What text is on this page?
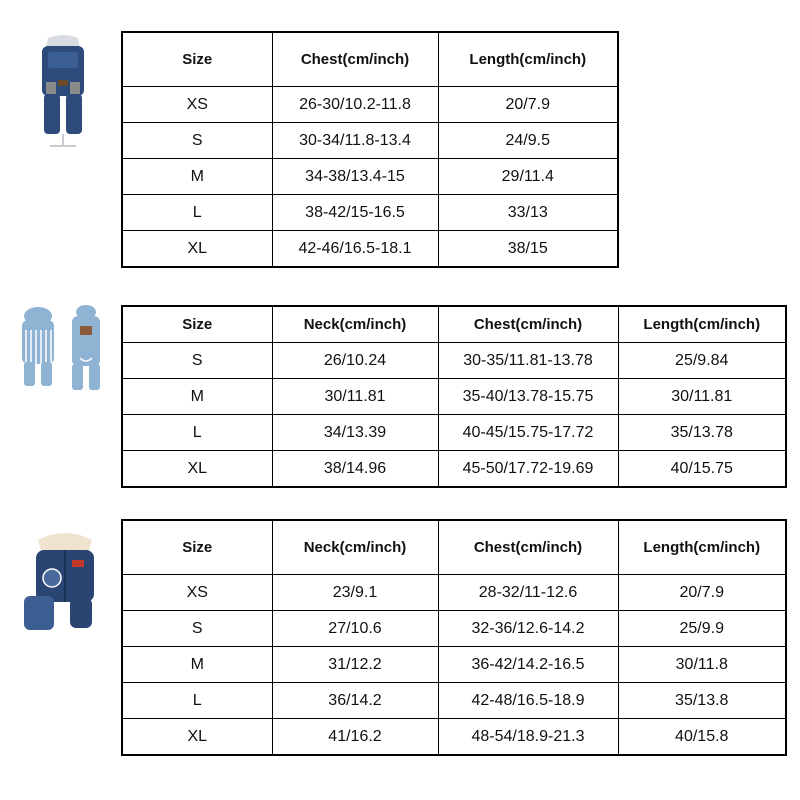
Size	Chest(cm/inch)	Length(cm/inch)
XS	26-30/10.2-11.8	20/7.9
S	30-34/11.8-13.4	24/9.5
M	34-38/13.4-15	29/11.4
L	38-42/15-16.5	33/13
XL	42-46/16.5-18.1	38/15
Size	Neck(cm/inch)	Chest(cm/inch)	Length(cm/inch)
S	26/10.24	30-35/11.81-13.78	25/9.84
M	30/11.81	35-40/13.78-15.75	30/11.81
L	34/13.39	40-45/15.75-17.72	35/13.78
XL	38/14.96	45-50/17.72-19.69	40/15.75
Size	Neck(cm/inch)	Chest(cm/inch)	Length(cm/inch)
XS	23/9.1	28-32/11-12.6	20/7.9
S	27/10.6	32-36/12.6-14.2	25/9.9
M	31/12.2	36-42/14.2-16.5	30/11.8
L	36/14.2	42-48/16.5-18.9	35/13.8
XL	41/16.2	48-54/18.9-21.3	40/15.8
